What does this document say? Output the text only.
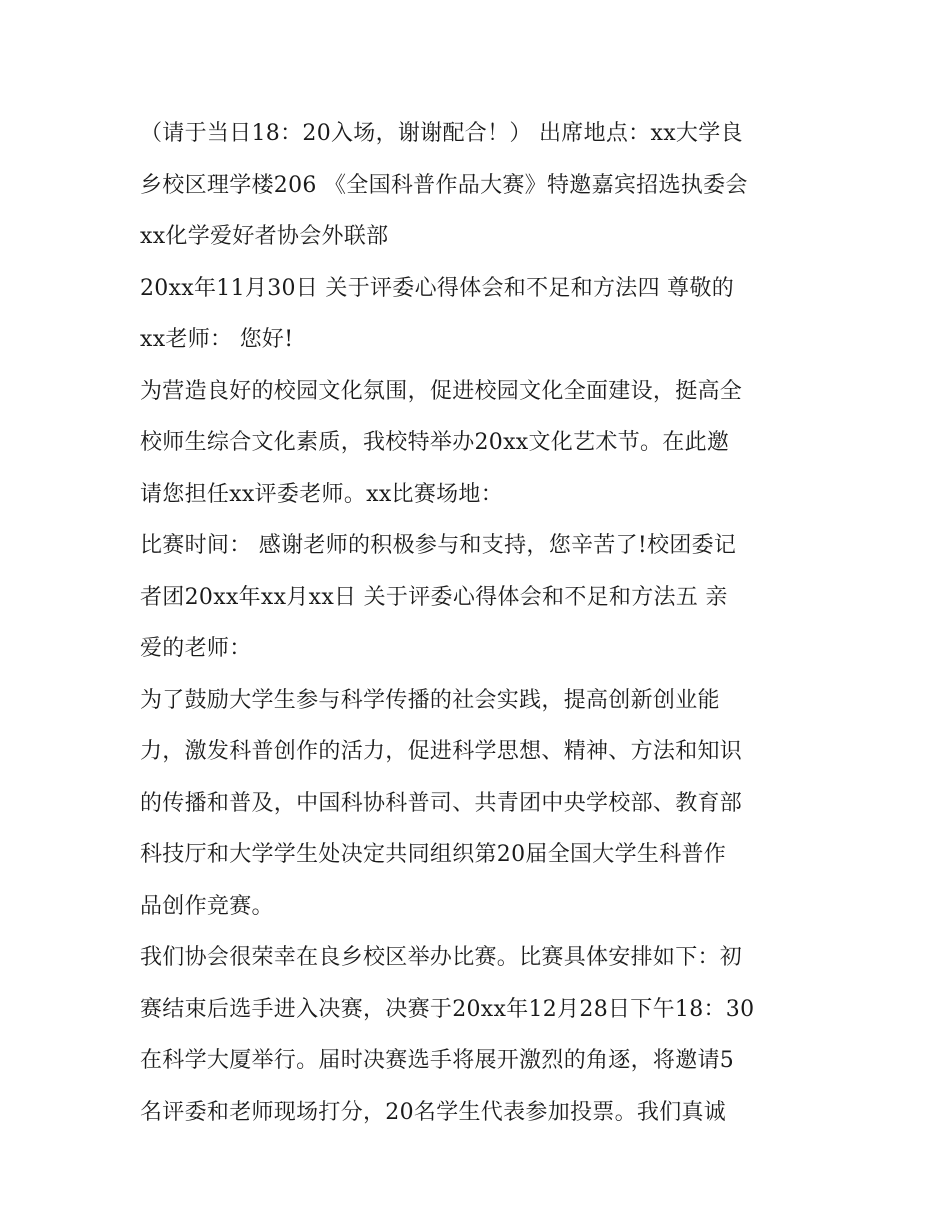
（请于当日18：20入场，谢谢配合！） 出席地点：xx大学良
乡校区理学楼206 《全国科普作品大赛》特邀嘉宾招选执委会
xx化学爱好者协会外联部
20xx年11月30日 关于评委心得体会和不足和方法四 尊敬的
xx老师： 您好!
为营造良好的校园文化氛围，促进校园文化全面建设，挺高全
校师生综合文化素质，我校特举办20xx文化艺术节。在此邀
请您担任xx评委老师。xx比赛场地：
比赛时间： 感谢老师的积极参与和支持，您辛苦了!校团委记
者团20xx年xx月xx日 关于评委心得体会和不足和方法五 亲
爱的老师：
为了鼓励大学生参与科学传播的社会实践，提高创新创业能
力，激发科普创作的活力，促进科学思想、精神、方法和知识
的传播和普及，中国科协科普司、共青团中央学校部、教育部
科技厅和大学学生处决定共同组织第20届全国大学生科普作
品创作竞赛。
我们协会很荣幸在良乡校区举办比赛。比赛具体安排如下：初
赛结束后选手进入决赛，决赛于20xx年12月28日下午18：30
在科学大厦举行。届时决赛选手将展开激烈的角逐，将邀请5
名评委和老师现场打分，20名学生代表参加投票。我们真诚
